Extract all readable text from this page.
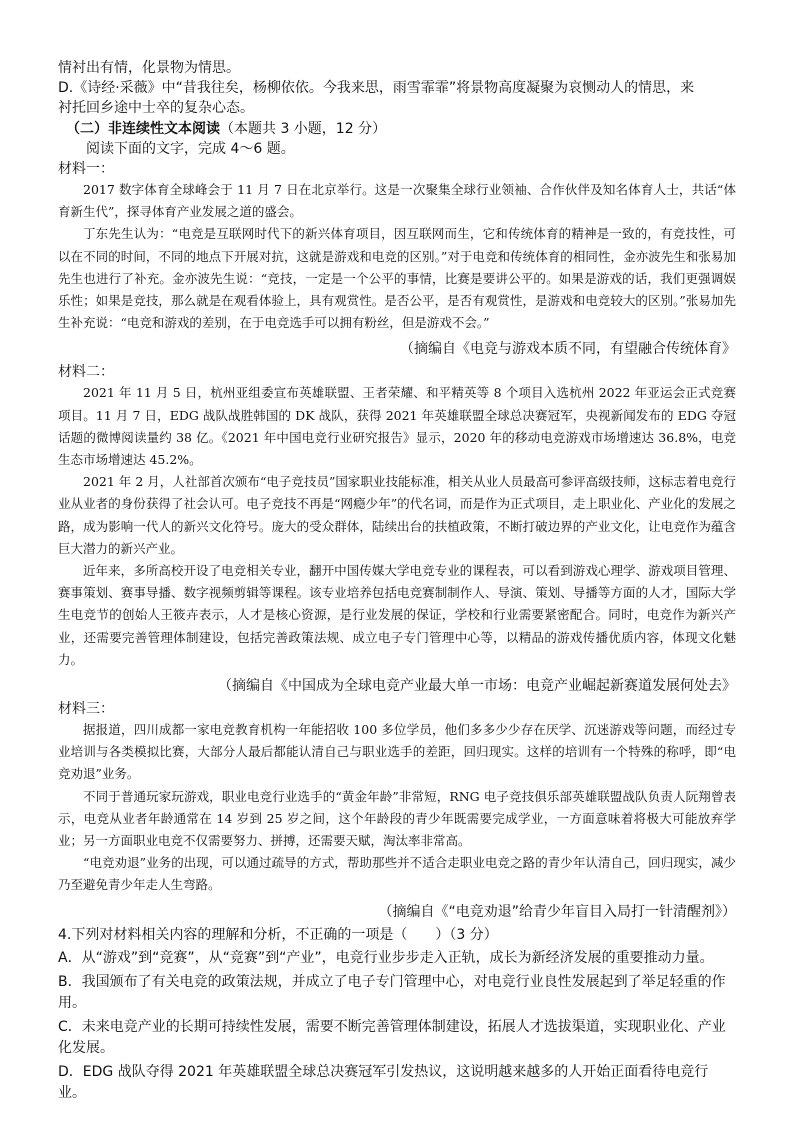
情衬出有情，化景物为情思。

D.《诗经·采薇》中“昔我往矣，杨柳依依。今我来思，雨雪霏霏”将景物高度凝聚为哀恻动人的情思，来

衬托回乡途中士卒的复杂心态。

（二）非连续性文本阅读（本题共 3 小题，12 分）

阅读下面的文字，完成 4～6 题。

材料一：

2017 数字体育全球峰会于 11 月 7 日在北京举行。这是一次聚集全球行业领袖、合作伙伴及知名体育人士，共话“体育新生代”，探寻体育产业发展之道的盛会。

丁东先生认为：“电竞是互联网时代下的新兴体育项目，因互联网而生，它和传统体育的精神是一致的，有竞技性，可以在不同的时间，不同的地点下开展对抗，这就是游戏和电竞的区别。”对于电竞和传统体育的相同性，金亦波先生和张易加先生也进行了补充。金亦波先生说：“竞技，一定是一个公平的事情，比赛是要讲公平的。如果是游戏的话，我们更强调娱乐性；如果是竞技，那么就是在观看体验上，具有观赏性。是否公平，是否有观赏性，是游戏和电竞较大的区别。”张易加先生补充说：“电竞和游戏的差别，在于电竞选手可以拥有粉丝，但是游戏不会。”

（摘编自《电竞与游戏本质不同，有望融合传统体育》

材料二：

2021 年 11 月 5 日，杭州亚组委宣布英雄联盟、王者荣耀、和平精英等 8 个项目入选杭州 2022 年亚运会正式竞赛项目。11 月 7 日，EDG 战队战胜韩国的 DK 战队，获得 2021 年英雄联盟全球总决赛冠军，央视新闻发布的 EDG 夺冠话题的微博阅读量约 38 亿。《2021 年中国电竞行业研究报告》显示，2020 年的移动电竞游戏市场增速达 36.8%，电竞生态市场增速达 45.2%。

2021 年 2 月，人社部首次颁布“电子竞技员”国家职业技能标准，相关从业人员最高可参评高级技师，这标志着电竞行业从业者的身份获得了社会认可。电子竞技不再是“网瘾少年”的代名词，而是作为正式项目，走上职业化、产业化的发展之路，成为影响一代人的新兴文化符号。庞大的受众群体，陆续出台的扶植政策，不断打破边界的产业文化，让电竞作为蕴含巨大潜力的新兴产业。

近年来，多所高校开设了电竞相关专业，翻开中国传媒大学电竞专业的课程表，可以看到游戏心理学、游戏项目管理、赛事策划、赛事导播、数字视频剪辑等课程。该专业培养包括电竞赛制制作人、导演、策划、导播等方面的人才，国际大学生电竞节的创始人王筱卉表示，人才是核心资源，是行业发展的保证，学校和行业需要紧密配合。同时，电竞作为新兴产业，还需要完善管理体制建设，包括完善政策法规、成立电子专门管理中心等，以精品的游戏传播优质内容，体现文化魅力。

（摘编自《中国成为全球电竞产业最大单一市场：电竞产业崛起新赛道发展何处去》

材料三：

据报道，四川成都一家电竞教育机构一年能招收 100 多位学员，他们多多少少存在厌学、沉迷游戏等问题，而经过专业培训与各类模拟比赛，大部分人最后都能认清自己与职业选手的差距，回归现实。这样的培训有一个特殊的称呼，即“电竞劝退”业务。

不同于普通玩家玩游戏，职业电竞行业选手的“黄金年龄”非常短，RNG 电子竞技俱乐部英雄联盟战队负责人阮翔曾表示，电竞从业者年龄通常在 14 岁到 25 岁之间，这个年龄段的青少年既需要完成学业，一方面意味着将极大可能放弃学业；另一方面职业电竞不仅需要努力、拼搏，还需要天赋，淘汰率非常高。

“电竞劝退”业务的出现，可以通过疏导的方式，帮助那些并不适合走职业电竞之路的青少年认清自己，回归现实，减少乃至避免青少年走人生弯路。

（摘编自《“电竞劝退”给青少年盲目入局打一针清醒剂》）

4.下列对材料相关内容的理解和分析，不正确的一项是（　　）（3 分）

A．从“游戏”到“竞赛”，从“竞赛”到“产业”，电竞行业步步走入正轨，成长为新经济发展的重要推动力量。

B．我国颁布了有关电竞的政策法规，并成立了电子专门管理中心，对电竞行业良性发展起到了举足轻重的作用。

C．未来电竞产业的长期可持续性发展，需要不断完善管理体制建设，拓展人才选拔渠道，实现职业化、产业化发展。

D．EDG 战队夺得 2021 年英雄联盟全球总决赛冠军引发热议，这说明越来越多的人开始正面看待电竞行业。
